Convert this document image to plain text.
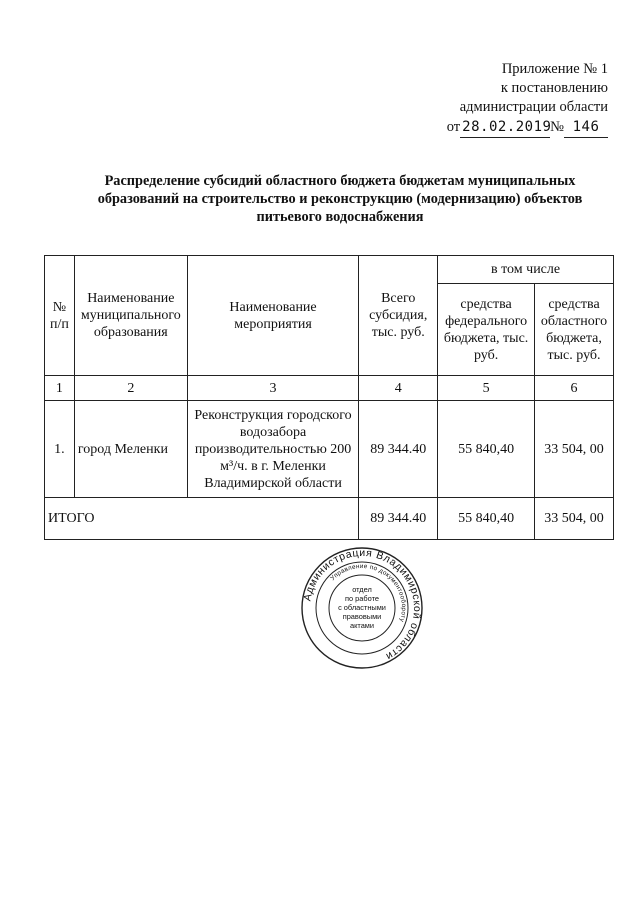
Приложение № 1
к постановлению
администрации области
от 28.02.2019№ 146
Распределение субсидий областного бюджета бюджетам муниципальных
образований на строительство и реконструкцию (модернизацию) объектов
питьевого водоснабжения
№ п/п	Наименование муниципального образования	Наименование мероприятия	Всего субсидия, тыс. руб.	в том числе	
				средства федерального бюджета, тыс. руб.	средства областного бюджета, тыс. руб.
1	2	3	4	5	6
1.	город Меленки	Реконструкция городского водозабора производительностью 200 м³/ч. в г. Меленки Владимирской области	89 344.40	55 840,40	33 504, 00
ИТОГО			89 344.40	55 840,40	33 504, 00
Администрация Владимирской области
Управление по документообороту
отдел
по работе
с областными
правовыми
актами
